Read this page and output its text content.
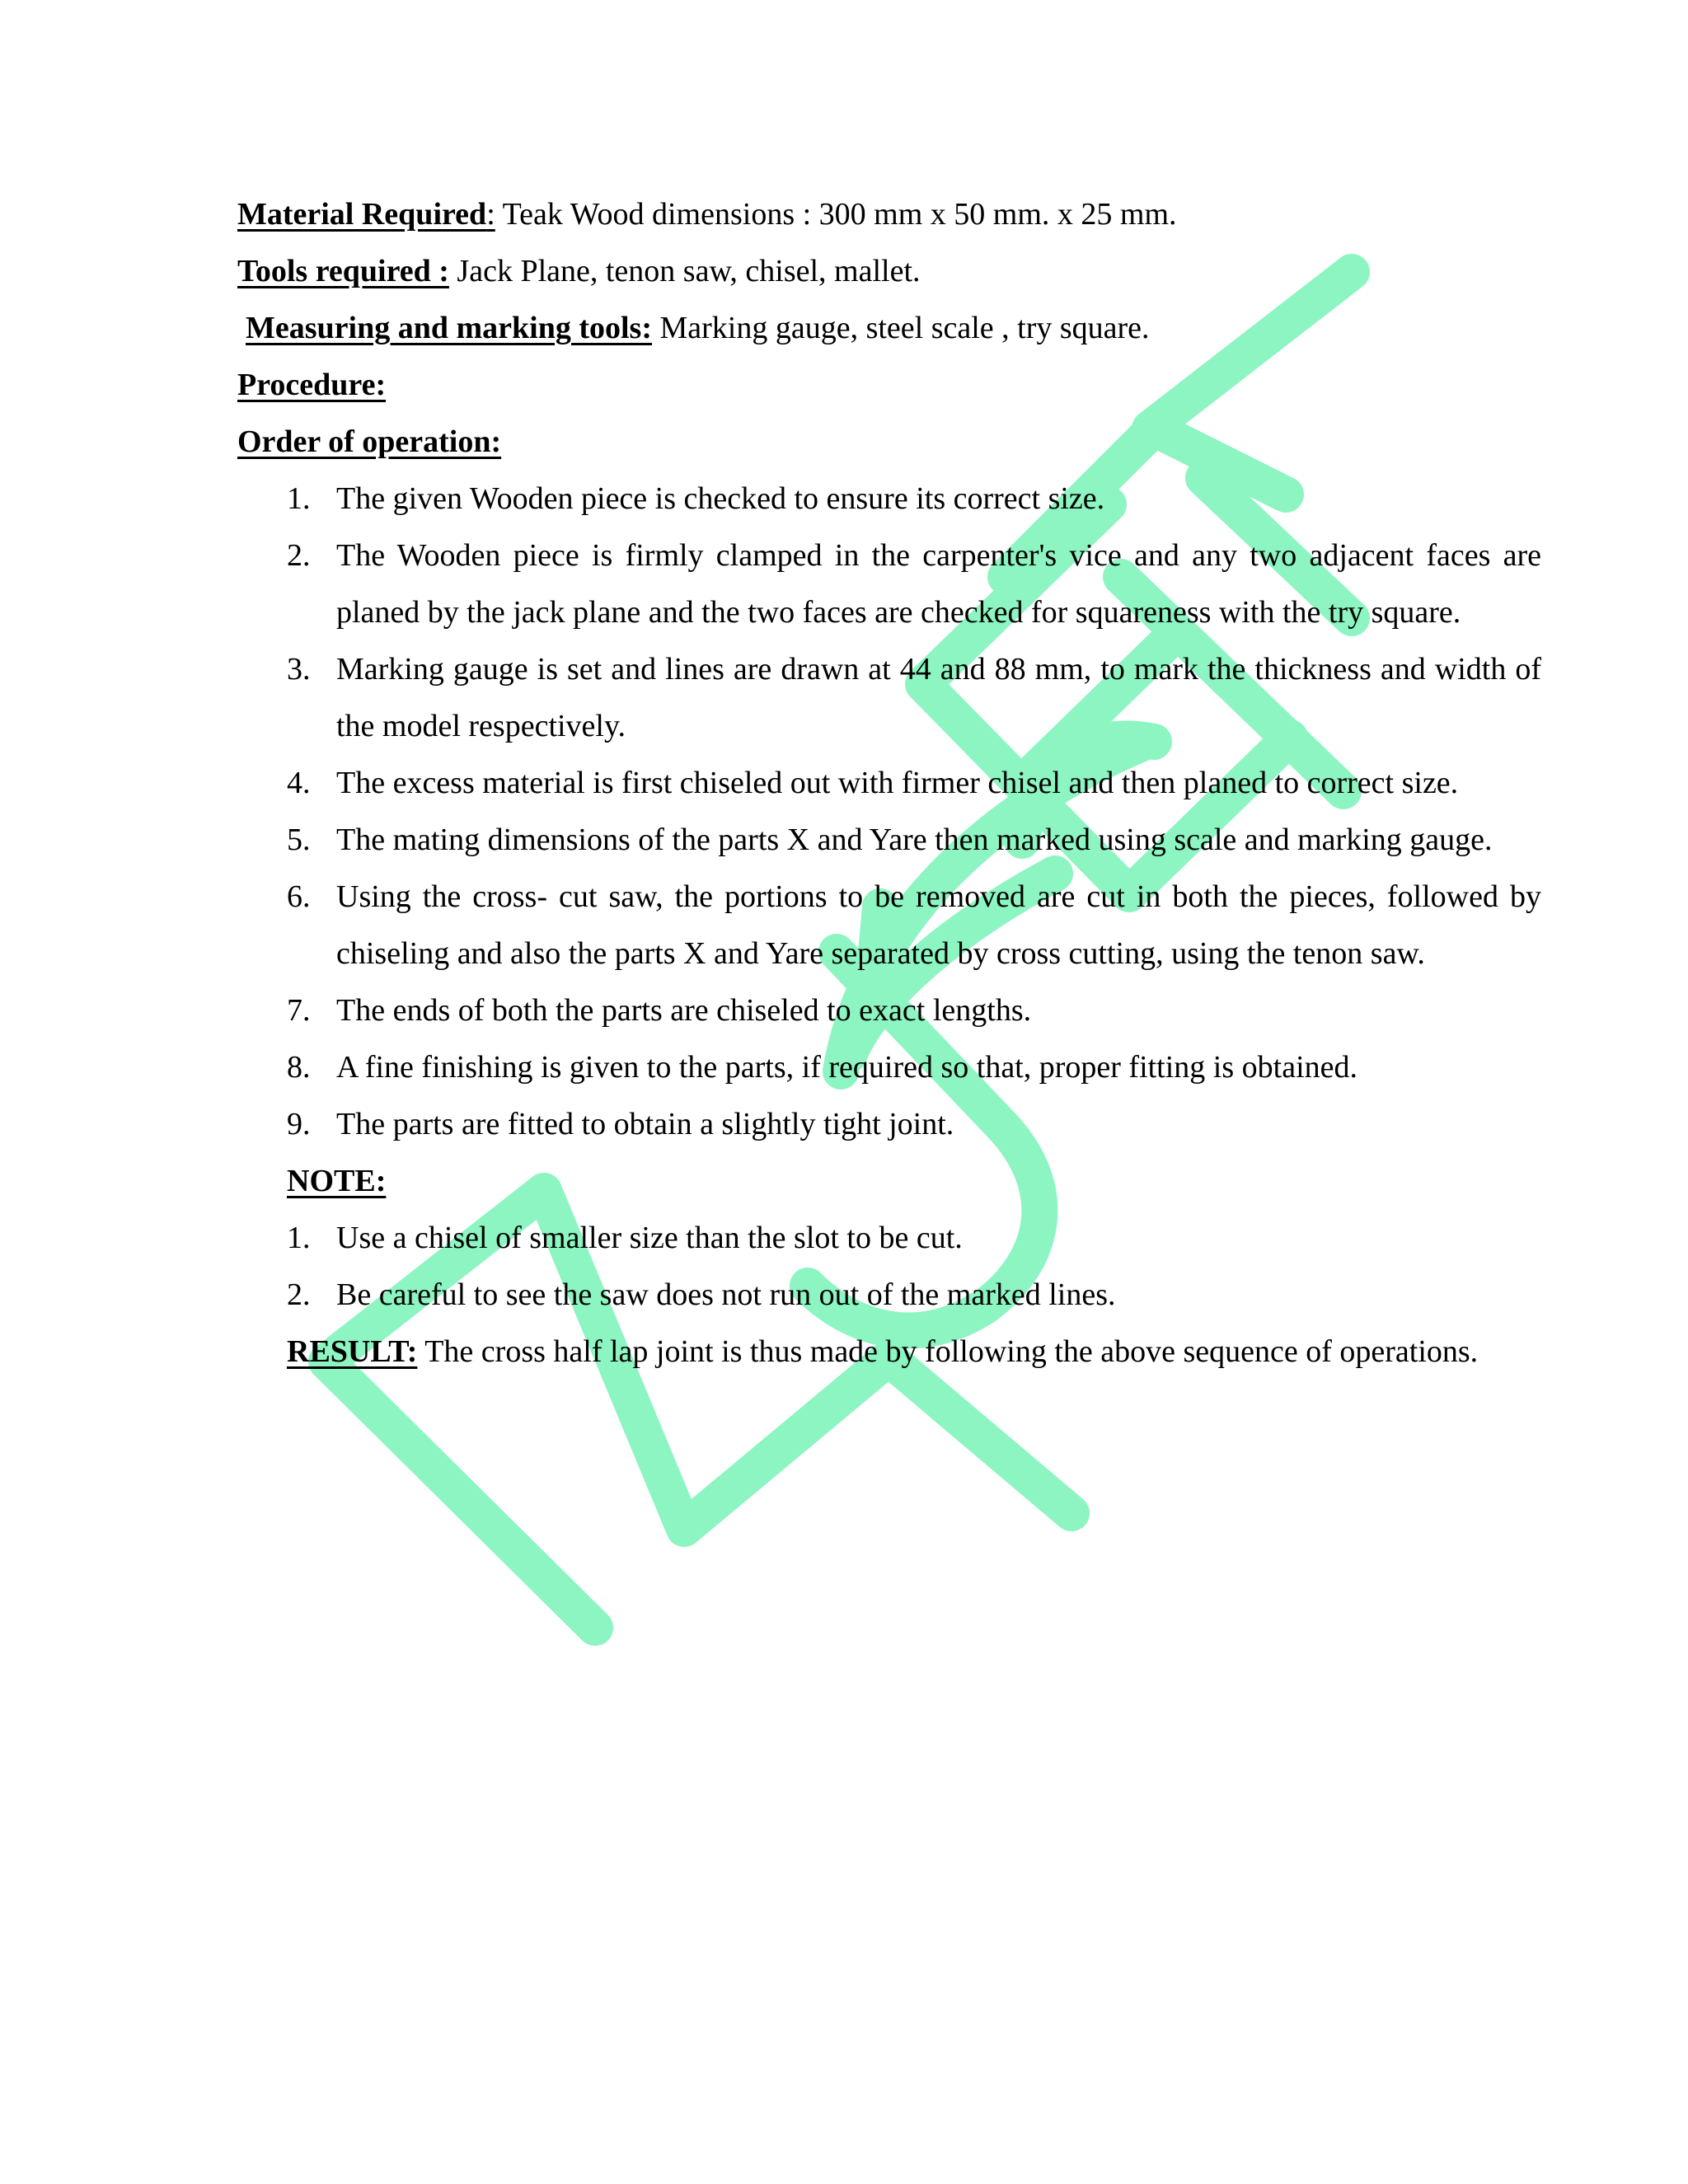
Material Required: Teak Wood dimensions : 300 mm x 50 mm. x 25 mm.
Tools required : Jack Plane, tenon saw, chisel, mallet.
Measuring and marking tools: Marking gauge, steel scale , try square.
Procedure:
Order of operation:
1. The given Wooden piece is checked to ensure its correct size.
2. The Wooden piece is firmly clamped in the carpenter's vice and any two adjacent faces are planed by the jack plane and the two faces are checked for squareness with the try square.
3. Marking gauge is set and lines are drawn at 44 and 88 mm, to mark the thickness and width of the model respectively.
4. The excess material is first chiseled out with firmer chisel and then planed to correct size.
5. The mating dimensions of the parts X and Yare then marked using scale and marking gauge.
6. Using the cross- cut saw, the portions to be removed are cut in both the pieces, followed by chiseling and also the parts X and Yare separated by cross cutting, using the tenon saw.
7. The ends of both the parts are chiseled to exact lengths.
8. A fine finishing is given to the parts, if required so that, proper fitting is obtained.
9. The parts are fitted to obtain a slightly tight joint.
NOTE:
1. Use a chisel of smaller size than the slot to be cut.
2. Be careful to see the saw does not run out of the marked lines.
RESULT: The cross half lap joint is thus made by following the above sequence of operations.
